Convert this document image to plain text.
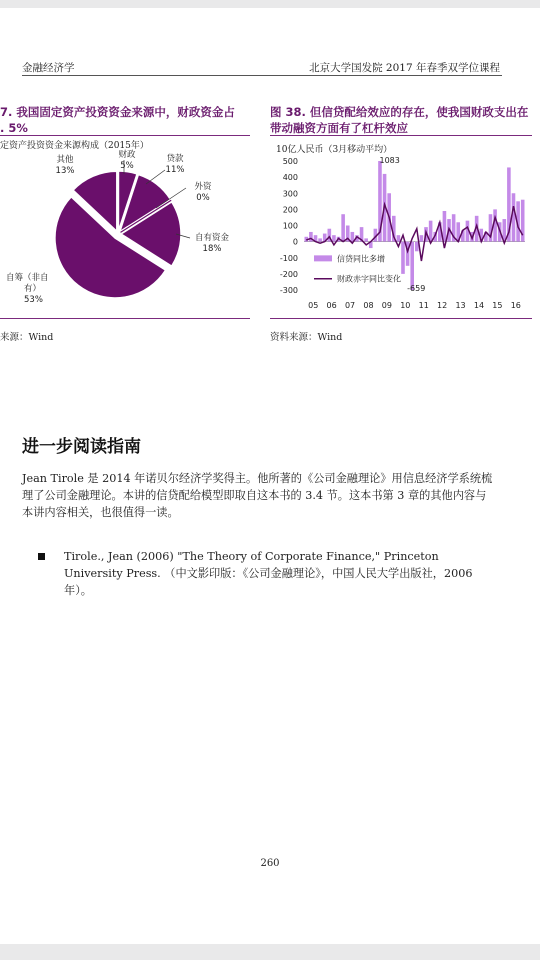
金融经济学	北京大学国发院 2017 年春季双学位课程
7. 我国固定资产投资资金来源中，财政资金占
. 5%
定资产投资资金来源构成（2015年）
财政
5%
其他
13%
贷款
11%
外资
0%
自有资金
18%
自筹（非自
有）
53%
来源：Wind
图 38. 但信贷配给效应的存在，使我国财政支出在
带动融资方面有了杠杆效应
10亿人民币（3月移动平均）
500
400
300
200
100
0
-100
-200
-300
05 06 07 08 09 10 11 12 13 14 15 16
1083
-659
信贷同比多增
财政赤字同比变化
资料来源：Wind
进一步阅读指南
Jean Tirole 是 2014 年诺贝尔经济学奖得主。他所著的《公司金融理论》用信息经济学系统梳理了公司金融理论。本讲的信贷配给模型即取自这本书的 3.4 节。这本书第 3 章的其他内容与本讲内容相关，也很值得一读。
Tirole., Jean (2006) "The Theory of Corporate Finance," Princeton University Press. （中文影印版：《公司金融理论》，中国人民大学出版社，2006 年）。
260
